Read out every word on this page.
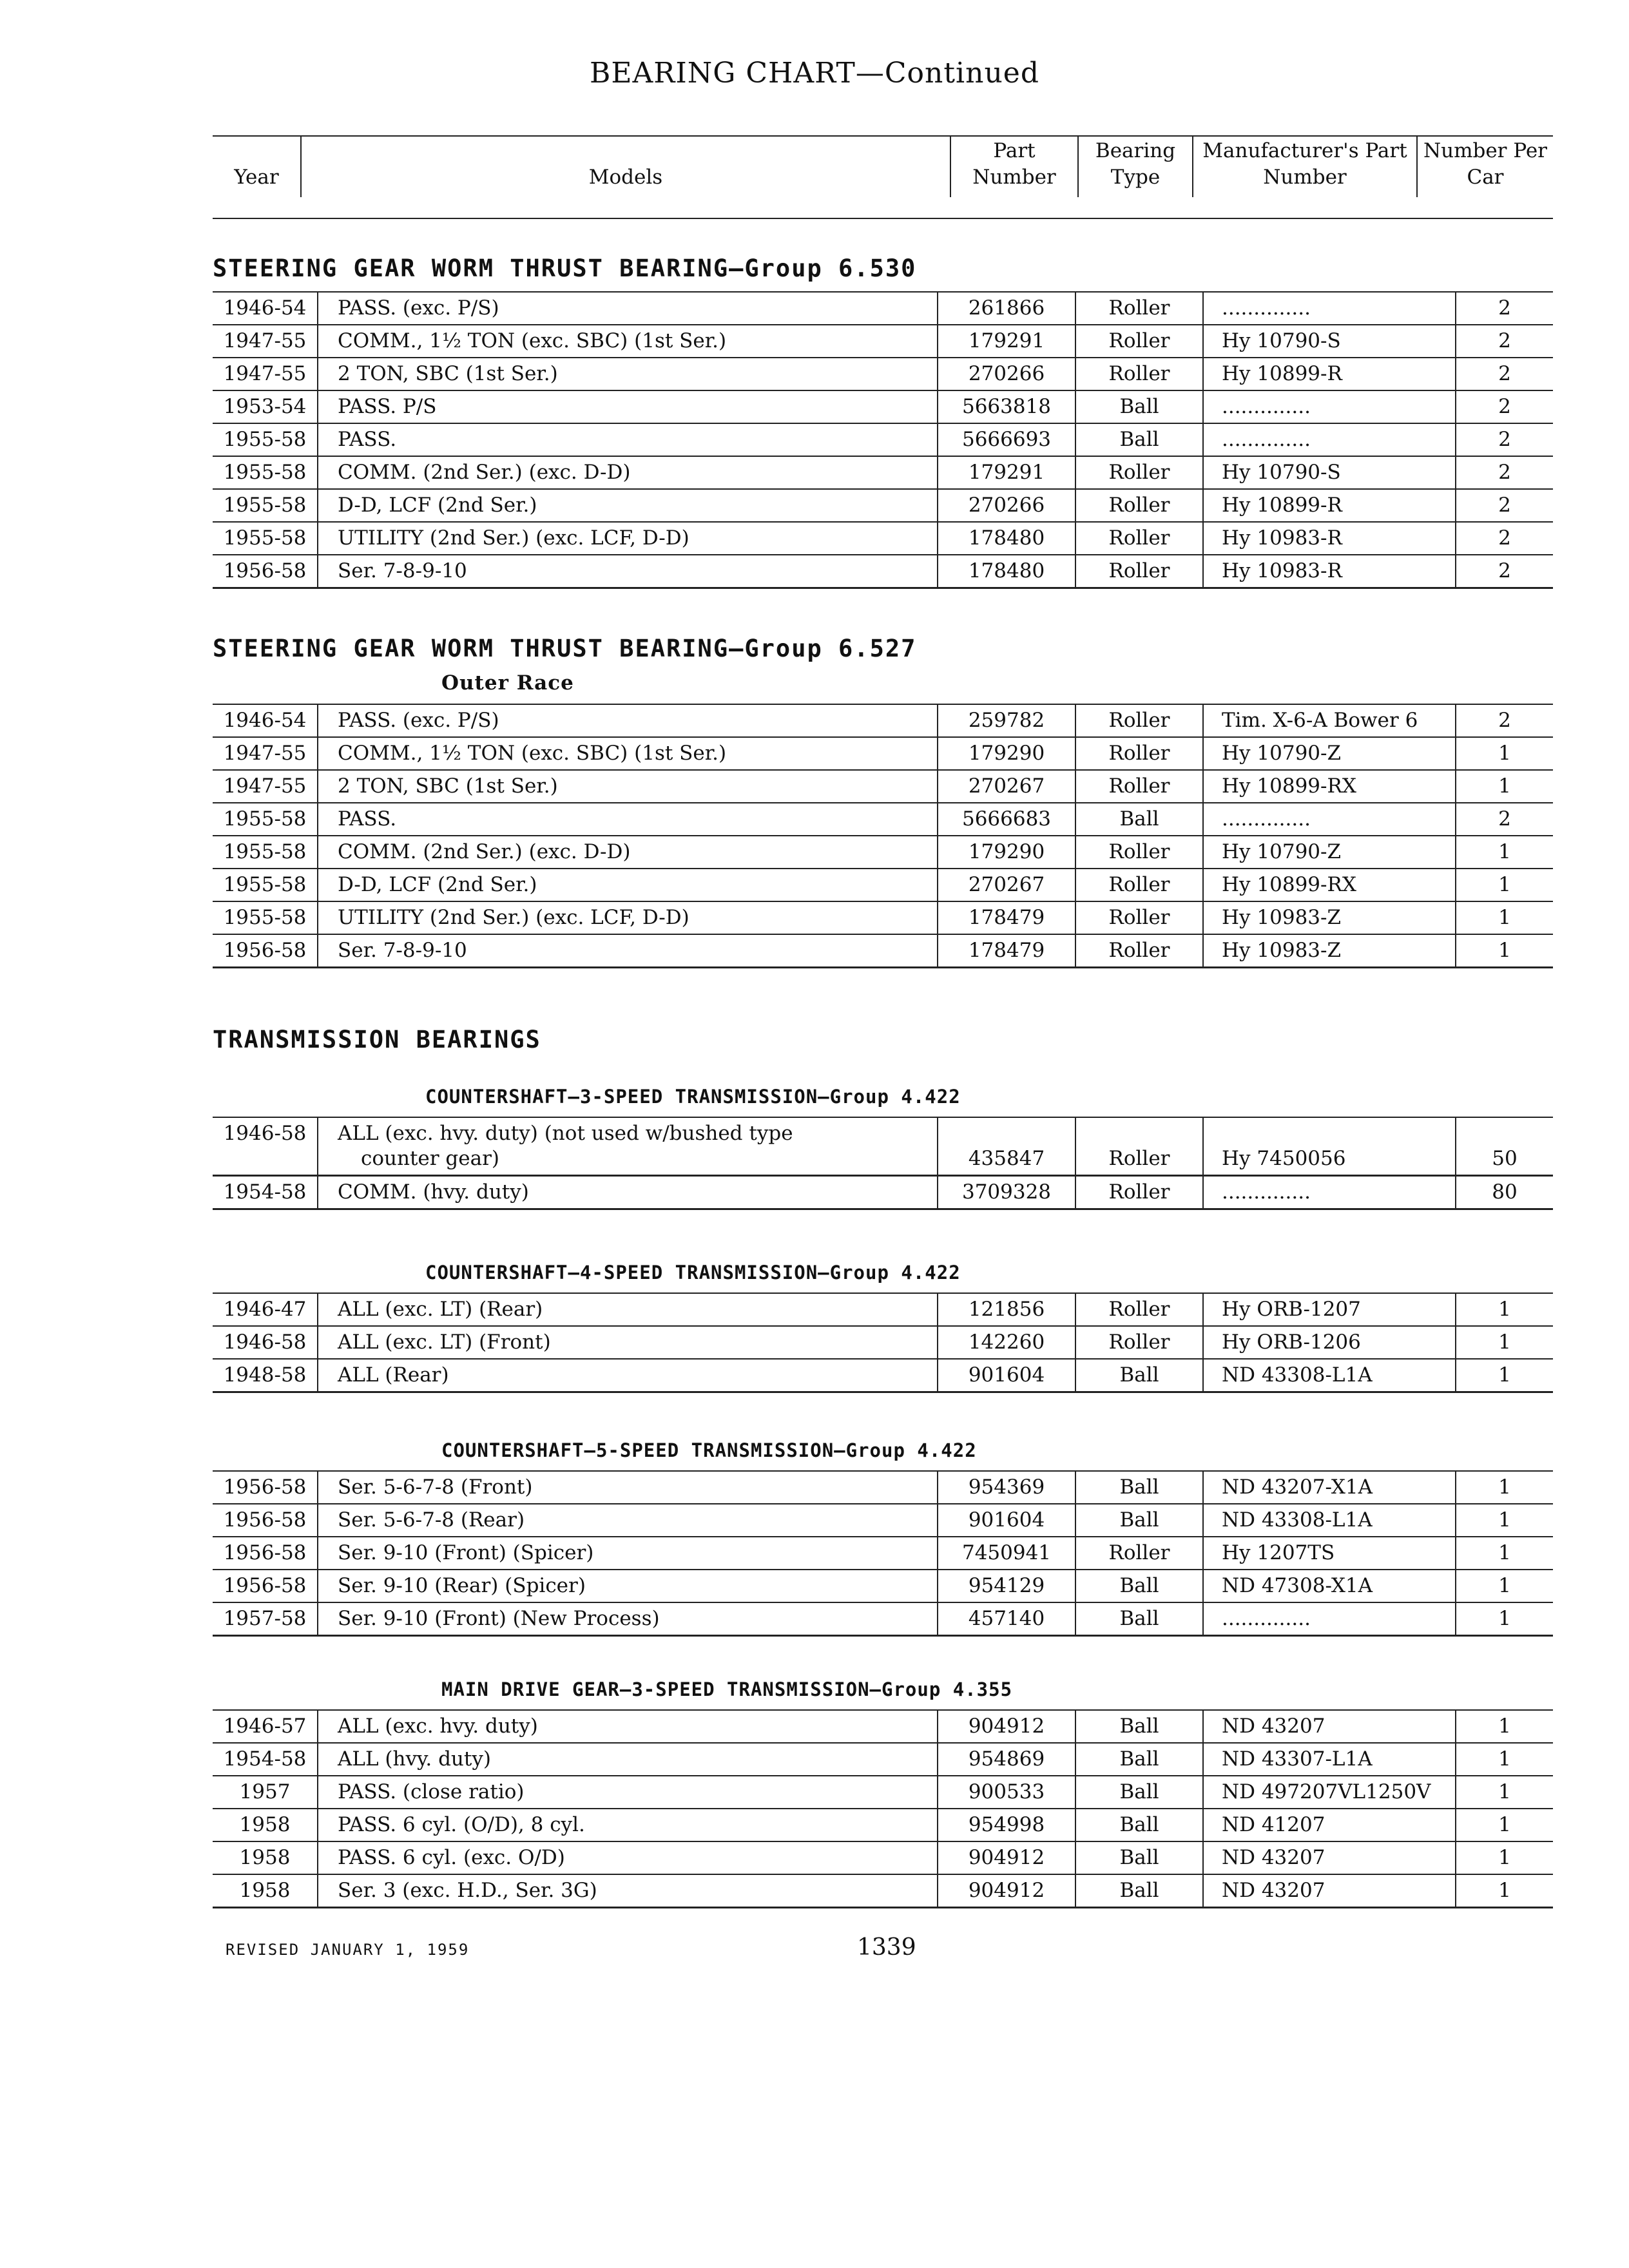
BEARING CHART—Continued
Year	Models	Part Number	Bearing Type	Manufacturer's Part Number	Number Per Car
STEERING GEAR WORM THRUST BEARING—Group 6.530
1946-54	PASS. (exc. P/S)	261866	Roller	..............	2
1947-55	COMM., 1½ TON (exc. SBC) (1st Ser.)	179291	Roller	Hy 10790-S	2
1947-55	2 TON, SBC (1st Ser.)	270266	Roller	Hy 10899-R	2
1953-54	PASS. P/S	5663818	Ball	..............	2
1955-58	PASS.	5666693	Ball	..............	2
1955-58	COMM. (2nd Ser.) (exc. D-D)	179291	Roller	Hy 10790-S	2
1955-58	D-D, LCF (2nd Ser.)	270266	Roller	Hy 10899-R	2
1955-58	UTILITY (2nd Ser.) (exc. LCF, D-D)	178480	Roller	Hy 10983-R	2
1956-58	Ser. 7-8-9-10	178480	Roller	Hy 10983-R	2
STEERING GEAR WORM THRUST BEARING—Group 6.527
Outer Race
1946-54	PASS. (exc. P/S)	259782	Roller	Tim. X-6-A Bower 6	2
1947-55	COMM., 1½ TON (exc. SBC) (1st Ser.)	179290	Roller	Hy 10790-Z	1
1947-55	2 TON, SBC (1st Ser.)	270267	Roller	Hy 10899-RX	1
1955-58	PASS.	5666683	Ball	..............	2
1955-58	COMM. (2nd Ser.) (exc. D-D)	179290	Roller	Hy 10790-Z	1
1955-58	D-D, LCF (2nd Ser.)	270267	Roller	Hy 10899-RX	1
1955-58	UTILITY (2nd Ser.) (exc. LCF, D-D)	178479	Roller	Hy 10983-Z	1
1956-58	Ser. 7-8-9-10	178479	Roller	Hy 10983-Z	1
TRANSMISSION BEARINGS
COUNTERSHAFT—3-SPEED TRANSMISSION—Group 4.422
1946-58	ALL (exc. hvy. duty) (not used w/bushed type
counter gear)	435847	Roller	Hy 7450056	50
1954-58	COMM. (hvy. duty)	3709328	Roller	..............	80
COUNTERSHAFT—4-SPEED TRANSMISSION—Group 4.422
1946-47	ALL (exc. LT) (Rear)	121856	Roller	Hy ORB-1207	1
1946-58	ALL (exc. LT) (Front)	142260	Roller	Hy ORB-1206	1
1948-58	ALL (Rear)	901604	Ball	ND 43308-L1A	1
COUNTERSHAFT—5-SPEED TRANSMISSION—Group 4.422
1956-58	Ser. 5-6-7-8 (Front)	954369	Ball	ND 43207-X1A	1
1956-58	Ser. 5-6-7-8 (Rear)	901604	Ball	ND 43308-L1A	1
1956-58	Ser. 9-10 (Front) (Spicer)	7450941	Roller	Hy 1207TS	1
1956-58	Ser. 9-10 (Rear) (Spicer)	954129	Ball	ND 47308-X1A	1
1957-58	Ser. 9-10 (Front) (New Process)	457140	Ball	..............	1
MAIN DRIVE GEAR—3-SPEED TRANSMISSION—Group 4.355
1946-57	ALL (exc. hvy. duty)	904912	Ball	ND 43207	1
1954-58	ALL (hvy. duty)	954869	Ball	ND 43307-L1A	1
1957	PASS. (close ratio)	900533	Ball	ND 497207VL1250V	1
1958	PASS. 6 cyl. (O/D), 8 cyl.	954998	Ball	ND 41207	1
1958	PASS. 6 cyl. (exc. O/D)	904912	Ball	ND 43207	1
1958	Ser. 3 (exc. H.D., Ser. 3G)	904912	Ball	ND 43207	1
REVISED JANUARY 1, 1959	1339
